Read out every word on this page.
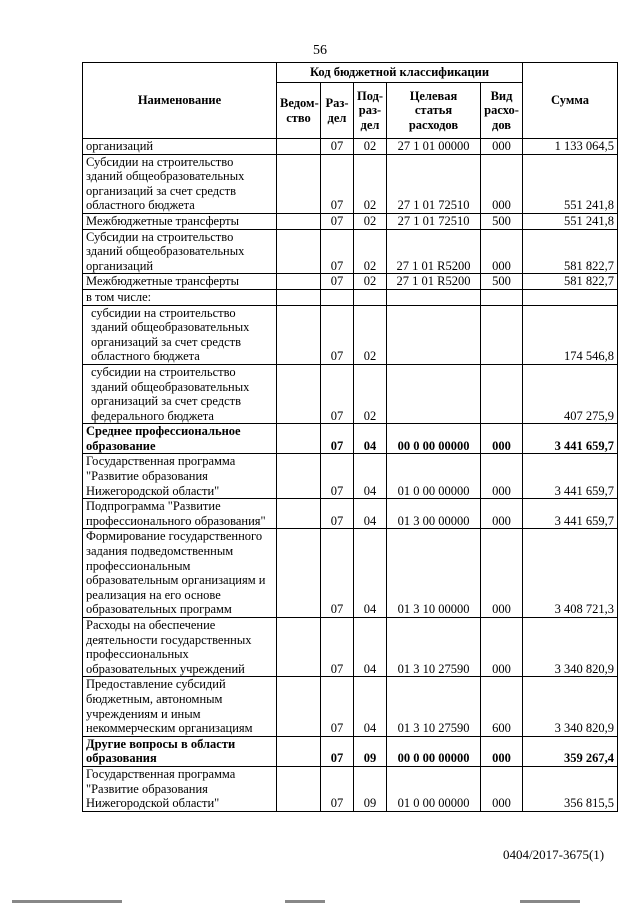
56
Наименование	Код бюджетной классификации					Сумма
	Ведом-ство	Раз-дел	Под-раз-дел	Целевая статья расходов	Вид расхо-дов	
организаций		07	02	27 1 01 00000	000	1 133 064,5
Субсидии на строительство зданий общеобразовательных организаций за счет средств областного бюджета		07	02	27 1 01 72510	000	551 241,8
Межбюджетные трансферты		07	02	27 1 01 72510	500	551 241,8
Субсидии на строительство зданий общеобразовательных организаций		07	02	27 1 01 R5200	000	581 822,7
Межбюджетные трансферты		07	02	27 1 01 R5200	500	581 822,7
в том числе:						
субсидии на строительство зданий общеобразовательных организаций за счет средств областного бюджета		07	02			174 546,8
субсидии на строительство зданий общеобразовательных организаций за счет средств федерального бюджета		07	02			407 275,9
Среднее профессиональное образование		07	04	00 0 00 00000	000	3 441 659,7
Государственная программа "Развитие образования Нижегородской области"		07	04	01 0 00 00000	000	3 441 659,7
Подпрограмма "Развитие профессионального образования"		07	04	01 3 00 00000	000	3 441 659,7
Формирование государственного задания подведомственным профессиональным образовательным организациям и реализация на его основе образовательных программ		07	04	01 3 10 00000	000	3 408 721,3
Расходы на обеспечение деятельности государственных профессиональных образовательных учреждений		07	04	01 3 10 27590	000	3 340 820,9
Предоставление субсидий бюджетным, автономным учреждениям и иным некоммерческим организациям		07	04	01 3 10 27590	600	3 340 820,9
Другие вопросы в области образования		07	09	00 0 00 00000	000	359 267,4
Государственная программа "Развитие образования Нижегородской области"		07	09	01 0 00 00000	000	356 815,5
0404/2017-3675(1)
